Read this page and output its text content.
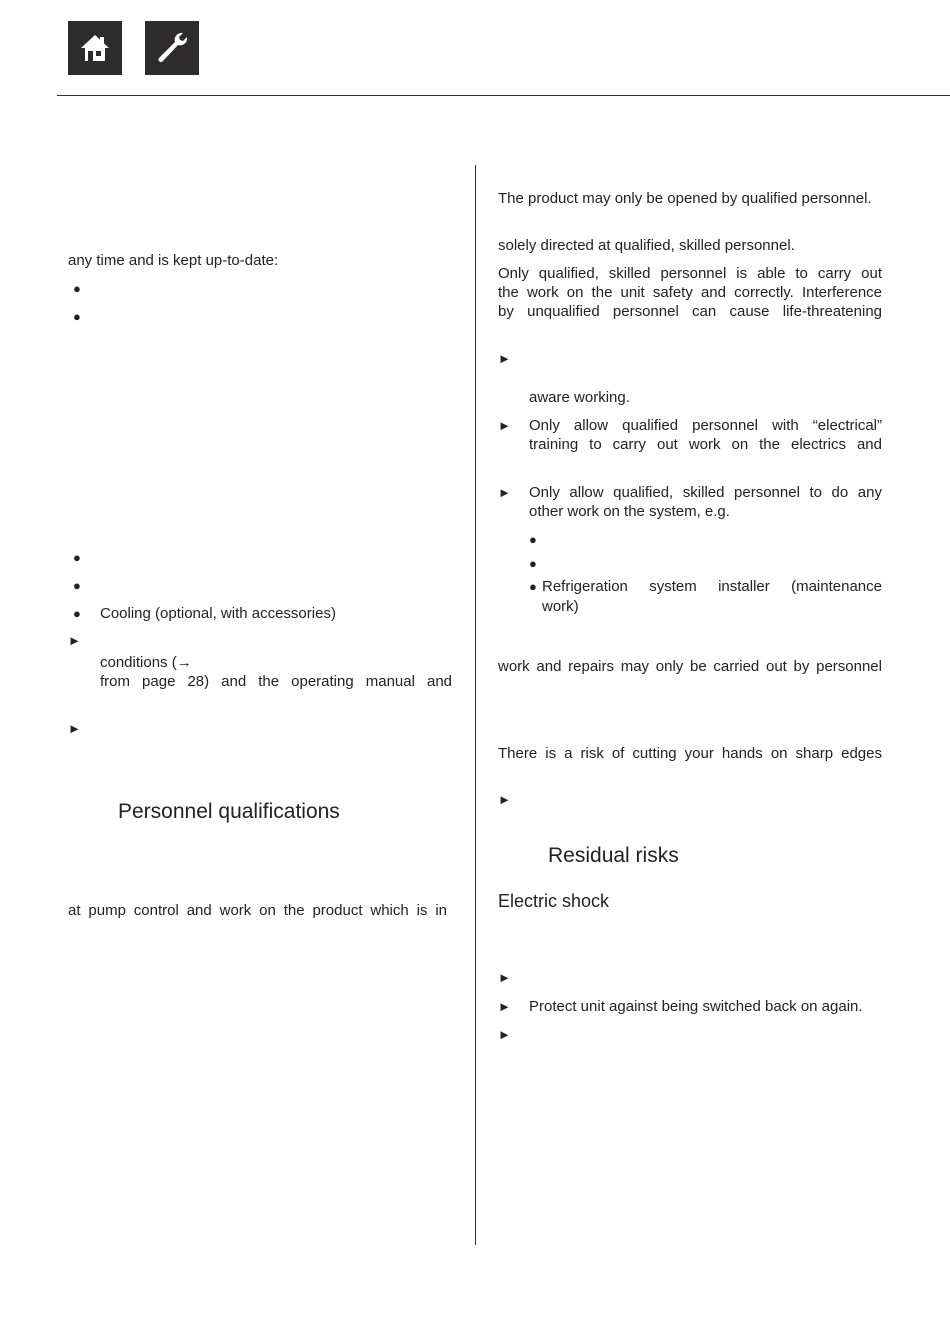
any time and is kept up-to-date:
●
●
●
●
● Cooling (optional, with accessories)
►
conditions (→
from page 28) and the operating manual and
►
Personnel qualifications
at pump control and work on the product which is in
The product may only be opened by qualified personnel.
solely directed at qualified, skilled personnel.
Only qualified, skilled personnel is able to carry out
the work on the unit safety and correctly. Interference
by unqualified personnel can cause life-threatening
►
aware working.
► Only allow qualified personnel with “electrical”
training to carry out work on the electrics and
► Only allow qualified, skilled personnel to do any
other work on the system, e.g.
●
●
● Refrigeration system installer (maintenance
work)
work and repairs may only be carried out by personnel
There is a risk of cutting your hands on sharp edges
►
Residual risks
Electric shock
►
► Protect unit against being switched back on again.
►
